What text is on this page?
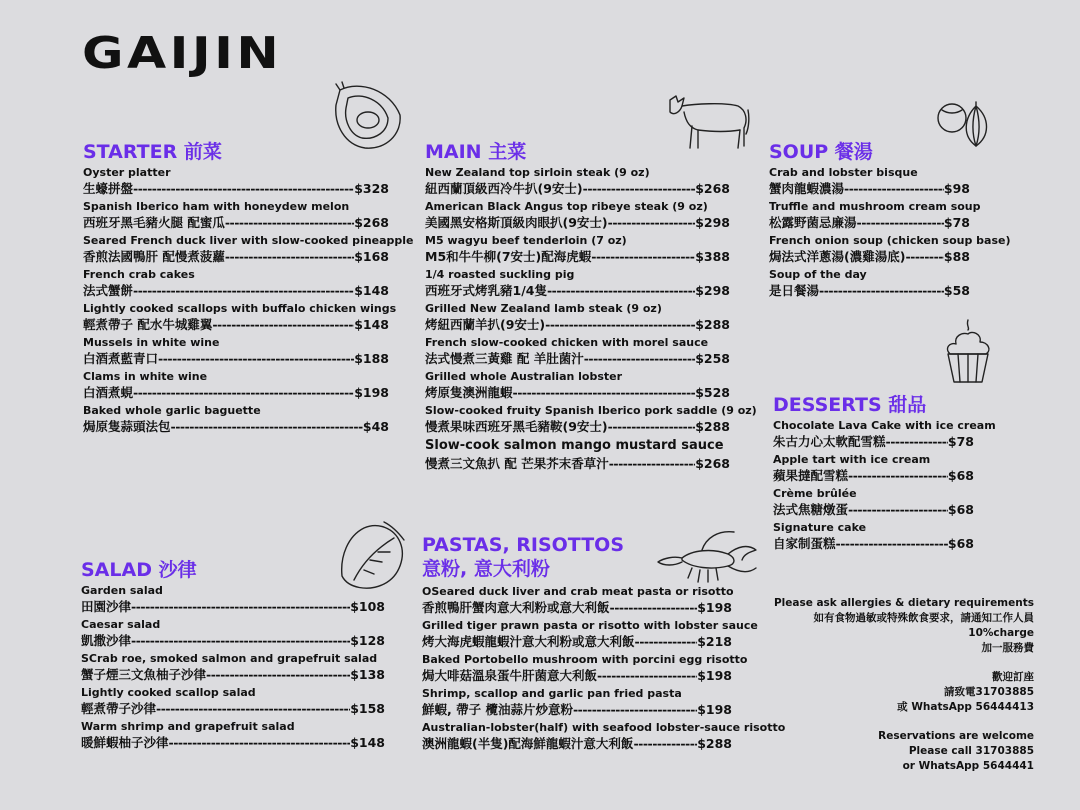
GAIJIN
STARTER 前菜
Oyster platter
生蠔拼盤 -----	$328
Spanish Iberico ham with honeydew melon
西班牙黑毛豬火腿 配蜜瓜 -----	$268
Seared French duck liver with slow-cooked pineapple
香煎法國鴨肝 配慢煮菠蘿 -----	$168
French crab cakes
法式蟹餅 -----	$148
Lightly cooked scallops with buffalo chicken wings
輕煮帶子 配水牛城雞翼 -----	$148
Mussels in white wine
白酒煮藍青口 -----	$188
Clams in white wine
白酒煮蜆 -----	$198
Baked whole garlic baguette
焗原隻蒜頭法包 -----	$48
MAIN 主菜
New Zealand top sirloin steak (9 oz)
紐西蘭頂級西冷牛扒(9安士) -----	$268
American Black Angus top ribeye steak (9 oz)
美國黑安格斯頂級肉眼扒(9安士) -----	$298
M5 wagyu beef tenderloin (7 oz)
M5和牛牛柳(7安士)配海虎蝦 -----	$388
1/4 roasted suckling pig
西班牙式烤乳豬1/4隻 -----	$298
Grilled New Zealand lamb steak (9 oz)
烤紐西蘭羊扒(9安士) -----	$288
French slow-cooked chicken with morel sauce
法式慢煮三黃雞 配 羊肚菌汁 -----	$258
Grilled whole Australian lobster
烤原隻澳洲龍蝦 -----	$528
Slow-cooked fruity Spanish Iberico pork saddle (9 oz)
慢煮果味西班牙黑毛豬鞍(9安士) -----	$288
Slow-cook salmon mango mustard sauce
慢煮三文魚扒 配 芒果芥末香草汁 -----	$268
SOUP 餐湯
Crab and lobster bisque
蟹肉龍蝦濃湯 -----	$98
Truffle and mushroom cream soup
松露野菌忌廉湯 -----	$78
French onion soup (chicken soup base)
焗法式洋蔥湯(濃雞湯底) -----	$88
Soup of the day
是日餐湯 -----	$58
DESSERTS 甜品
Chocolate Lava Cake with ice cream
朱古力心太軟配雪糕 -----	$78
Apple tart with ice cream
蘋果撻配雪糕 -----	$68
Crème brûlée
法式焦糖燉蛋 -----	$68
Signature cake
自家制蛋糕 -----	$68
SALAD 沙律
Garden salad
田園沙律 -----	$108
Caesar salad
凱撒沙律 -----	$128
SCrab roe, smoked salmon and grapefruit salad
蟹子煙三文魚柚子沙律 -----	$138
Lightly cooked scallop salad
輕煮帶子沙律 -----	$158
Warm shrimp and grapefruit salad
暖鮮蝦柚子沙律 -----	$148
PASTAS, RISOTTOS
意粉, 意大利粉
OSeared duck liver and crab meat pasta or risotto
香煎鴨肝蟹肉意大利粉或意大利飯 -----	$198
Grilled tiger prawn pasta or risotto with lobster sauce
烤大海虎蝦龍蝦汁意大利粉或意大利飯 -----	$218
Baked Portobello mushroom with porcini egg risotto
焗大啡菇溫泉蛋牛肝菌意大利飯 -----	$198
Shrimp, scallop and garlic pan fried pasta
鮮蝦, 帶子 欖油蒜片炒意粉 -----	$198
Australian-lobster(half) with seafood lobster-sauce risotto
澳洲龍蝦(半隻)配海鮮龍蝦汁意大利飯 -----	$288
Please ask allergies & dietary requirements
如有食物過敏或特殊飲食要求，請通知工作人員
10%charge
加一服務費
歡迎訂座
請致電31703885
或 WhatsApp 56444413
Reservations are welcome
Please call 31703885
or WhatsApp 5644441
